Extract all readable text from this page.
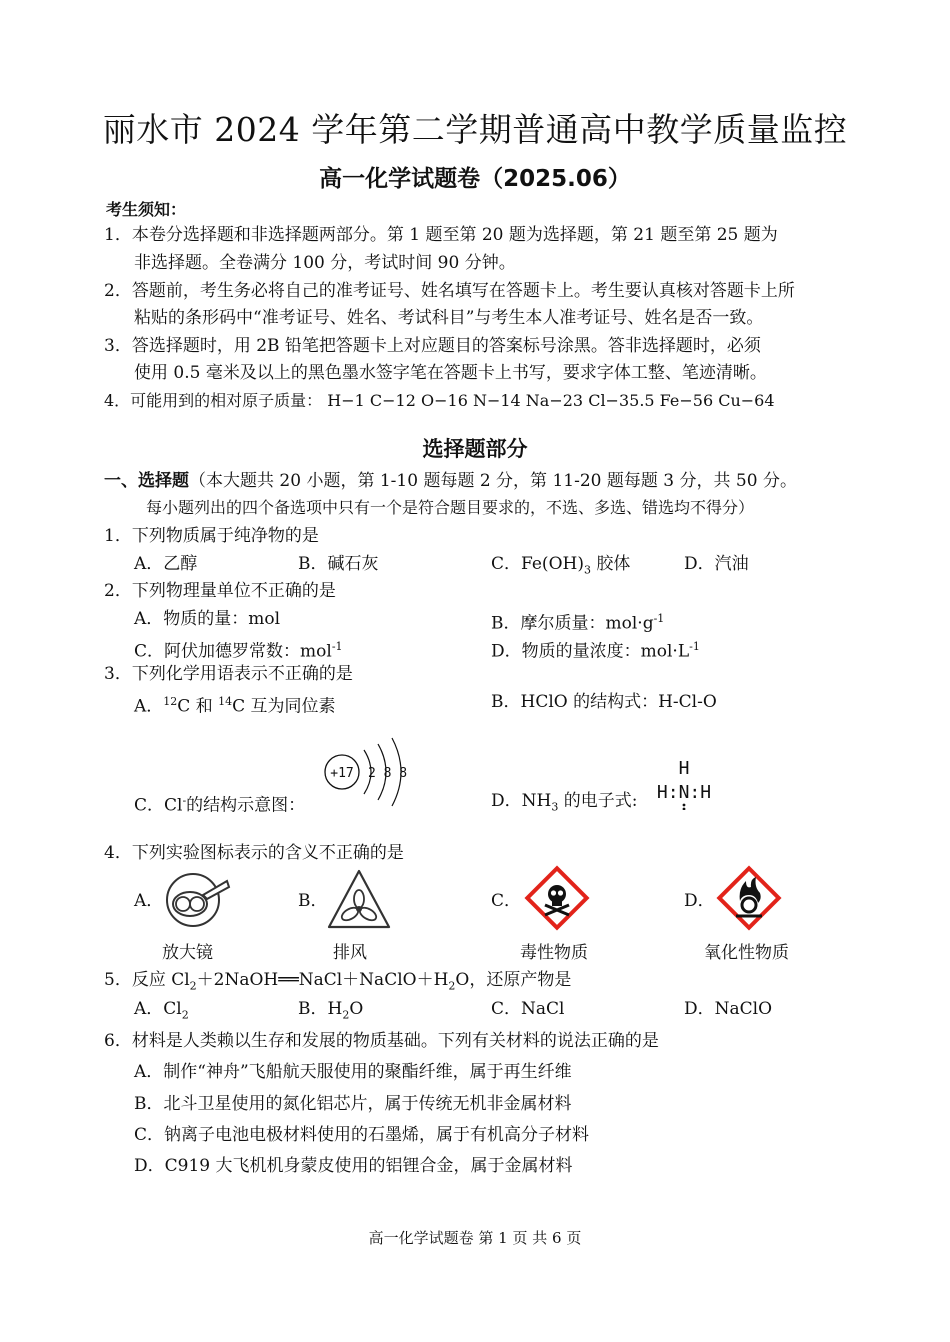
丽水市 2024 学年第二学期普通高中教学质量监控
高一化学试题卷（2025.06）
考生须知：
1．本卷分选择题和非选择题两部分。第 1 题至第 20 题为选择题，第 21 题至第 25 题为
非选择题。全卷满分 100 分，考试时间 90 分钟。
2．答题前，考生务必将自己的准考证号、姓名填写在答题卡上。考生要认真核对答题卡上所
粘贴的条形码中“准考证号、姓名、考试科目”与考生本人准考证号、姓名是否一致。
3．答选择题时，用 2B 铅笔把答题卡上对应题目的答案标号涂黑。答非选择题时，必须
使用 0.5 毫米及以上的黑色墨水签字笔在答题卡上书写，要求字体工整、笔迹清晰。
4．可能用到的相对原子质量： H−1 C−12 O−16 N−14 Na−23 Cl−35.5 Fe−56 Cu−64
选择题部分
一、选择题（本大题共 20 小题，第 1-10 题每题 2 分，第 11-20 题每题 3 分，共 50 分。
每小题列出的四个备选项中只有一个是符合题目要求的，不选、多选、错选均不得分）
1．下列物质属于纯净物的是
A．乙醇	B．碱石灰	C．$Fe(OH)_3$ 胶体	D．汽油
2．下列物理量单位不正确的是
A．物质的量：mol	B．摩尔质量：$mol\cdot g^{-1}$
C．阿伏加德罗常数：mol$^{-1}$	D．物质的量浓度：$mol\cdot L^{-1}$
3．下列化学用语表示不正确的是
A．$^{12}$C 和 $^{14}$C 互为同位素	B．HClO 的结构式：H-Cl-O
C．Cl-的结构示意图：
+17 2 8 8
D．$NH_3$ 的电子式:
H
H:N:H
4．下列实验图标表示的含义不正确的是
A．
放大镜
B．
排风
C．
毒性物质
D．
氧化性物质
5．反应 $Cl_2+2NaOH══NaCl+NaClO+H_2O$，还原产物是
A．$Cl_2$	B．$H_2O$	C．NaCl	D．NaClO
6．材料是人类赖以生存和发展的物质基础。下列有关材料的说法正确的是
A．制作“神舟”飞船航天服使用的聚酯纤维，属于再生纤维
B．北斗卫星使用的氮化铝芯片，属于传统无机非金属材料
C．钠离子电池电极材料使用的石墨烯，属于有机高分子材料
D．C919 大飞机机身蒙皮使用的铝锂合金，属于金属材料
高一化学试题卷 第 1 页 共 6 页
